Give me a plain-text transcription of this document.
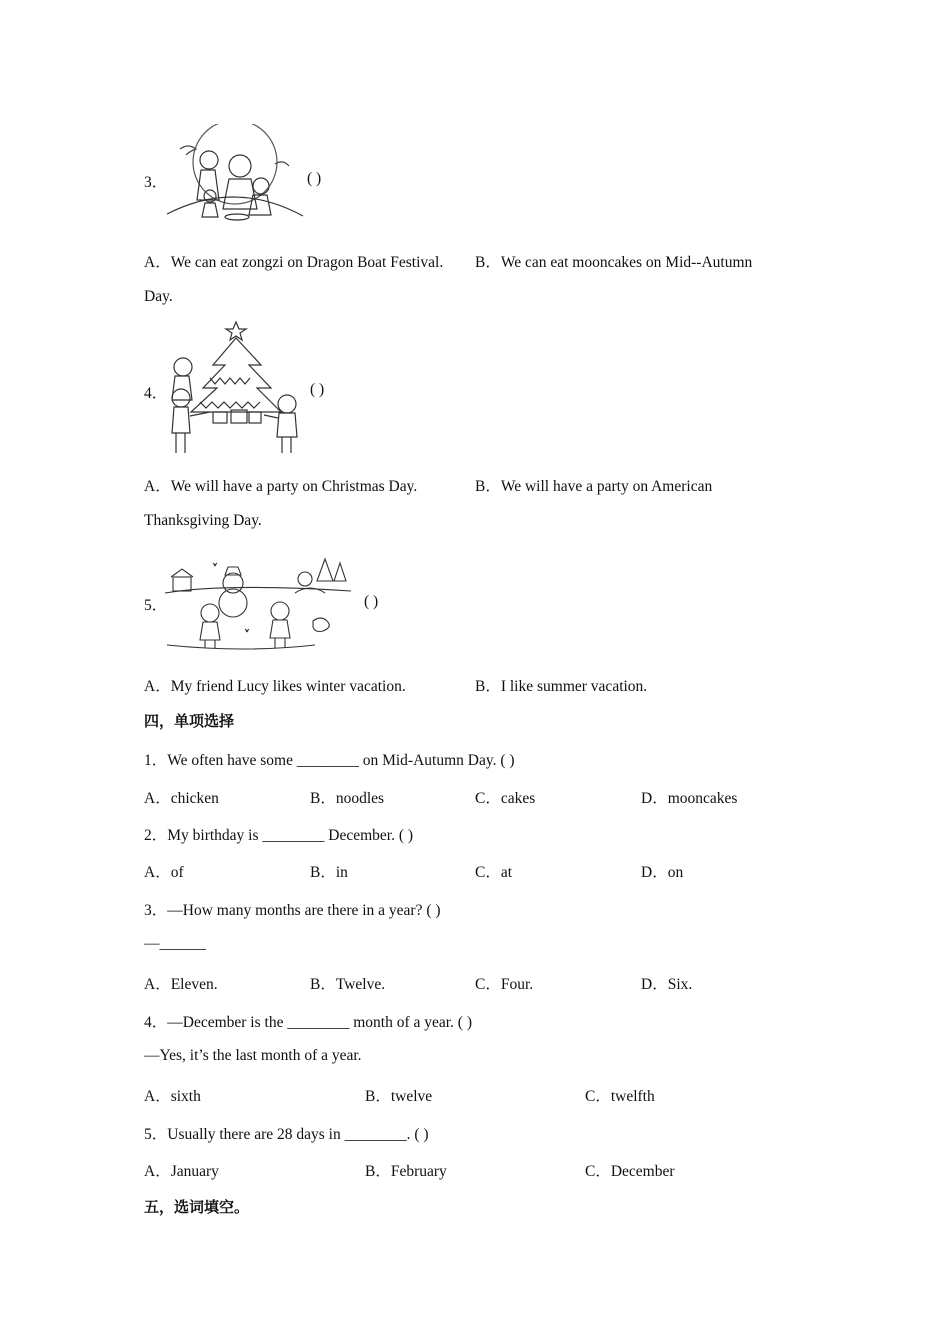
3．	( )
A．We can eat zongzi on Dragon Boat Festival. B．We can eat mooncakes on Mid--Autumn
Day.
4．	( )
A．We will have a party on Christmas Day.	B．We will have a party on American
Thanksgiving Day.
5．	( )
A．My friend Lucy likes winter vacation.	B．I like summer vacation.
四，单项选择
1．We often have some ________ on Mid-Autumn Day. ( )
A．chicken	B．noodles	C．cakes	D．mooncakes
2．My birthday is ________ December. ( )
A．of	B．in	C．at	D．on
3．—How many months are there in a year? ( )
—______
A．Eleven.	B．Twelve.	C．Four.	D．Six.
4．—December is the ________ month of a year. ( )
—Yes, it’s the last month of a year.
A．sixth	B．twelve	C．twelfth
5．Usually there are 28 days in ________. ( )
A．January	B．February	C．December
五，选词填空。
